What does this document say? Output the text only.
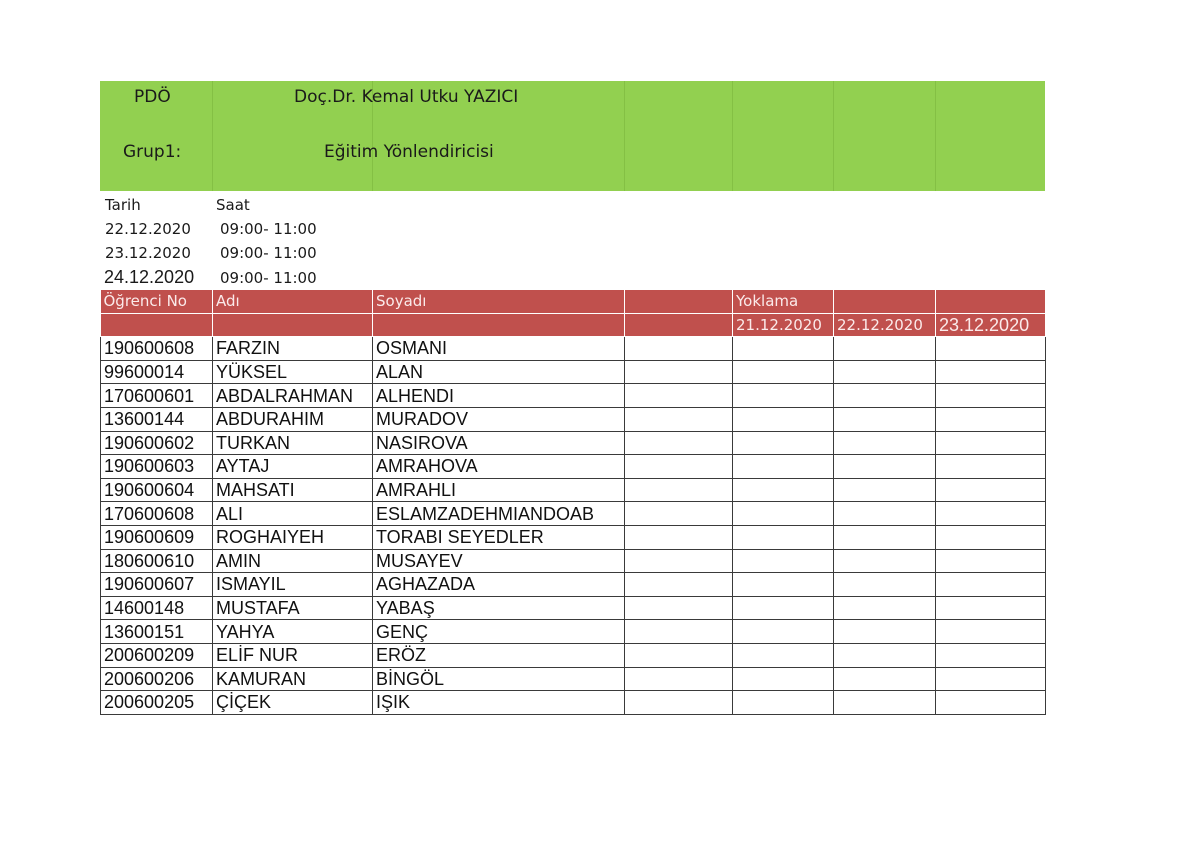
PDÖ	Doç.Dr. Kemal Utku YAZICI
Grup1:	Eğitim Yönlendiricisi
Tarih	Saat
22.12.2020 09:00- 11:00
23.12.2020 09:00- 11:00
24.12.2020 09:00- 11:00
Öğrenci No	Adı	Soyadı		Yoklama		
				21.12.2020	22.12.2020	23.12.2020
190600608	FARZIN	OSMANI				
99600014	YÜKSEL	ALAN				
170600601	ABDALRAHMAN	ALHENDI				
13600144	ABDURAHIM	MURADOV				
190600602	TURKAN	NASIROVA				
190600603	AYTAJ	AMRAHOVA				
190600604	MAHSATI	AMRAHLI				
170600608	ALI	ESLAMZADEHMIANDOAB				
190600609	ROGHAIYEH	TORABI SEYEDLER				
180600610	AMIN	MUSAYEV				
190600607	ISMAYIL	AGHAZADA				
14600148	MUSTAFA	YABAŞ				
13600151	YAHYA	GENÇ				
200600209	ELİF NUR	ERÖZ				
200600206	KAMURAN	BİNGÖL				
200600205	ÇİÇEK	IŞIK				
